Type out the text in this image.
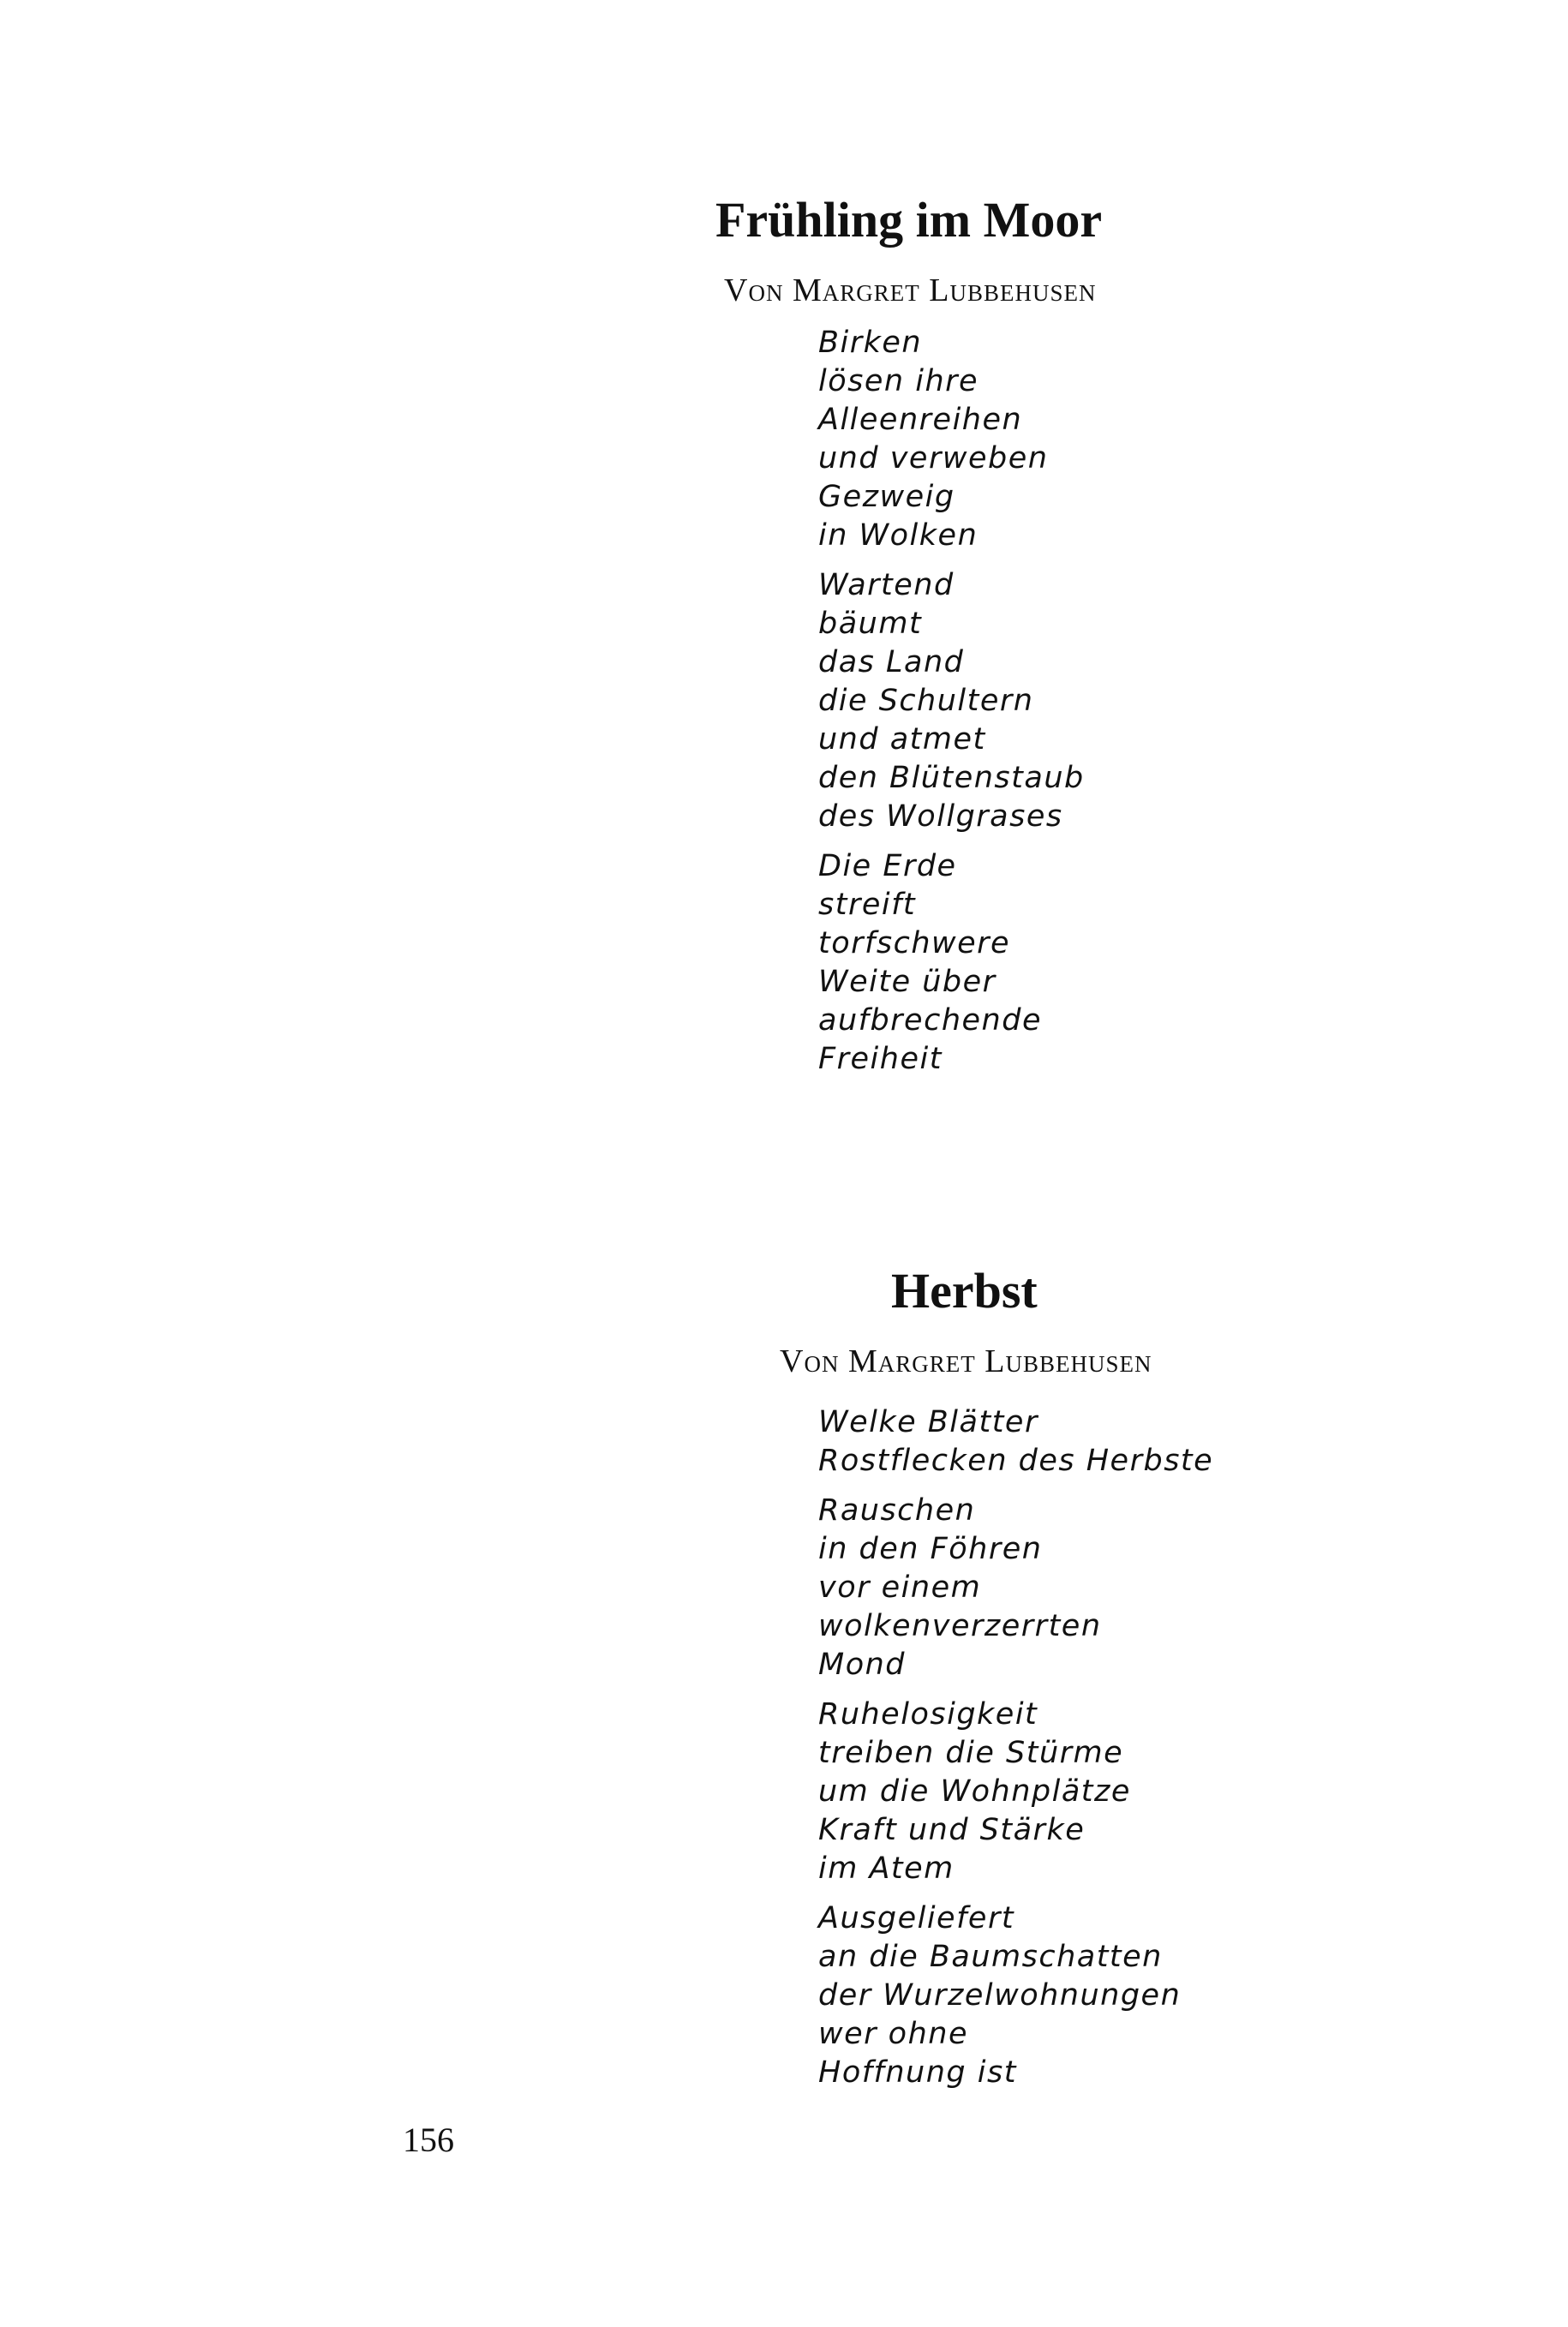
Frühling im Moor

Von Margret Lubbehusen

Birken
lösen ihre
Alleenreihen
und verweben
Gezweig
in Wolken
Wartend
bäumt
das Land
die Schultern
und atmet
den Blütenstaub
des Wollgrases
Die Erde
streift
torfschwere
Weite über
aufbrechende
Freiheit
Herbst

Von Margret Lubbehusen

Welke Blätter
Rostflecken des Herbste
Rauschen
in den Föhren
vor einem
wolkenverzerrten
Mond
Ruhelosigkeit
treiben die Stürme
um die Wohnplätze
Kraft und Stärke
im Atem
Ausgeliefert
an die Baumschatten
der Wurzelwohnungen
wer ohne
Hoffnung ist

156
